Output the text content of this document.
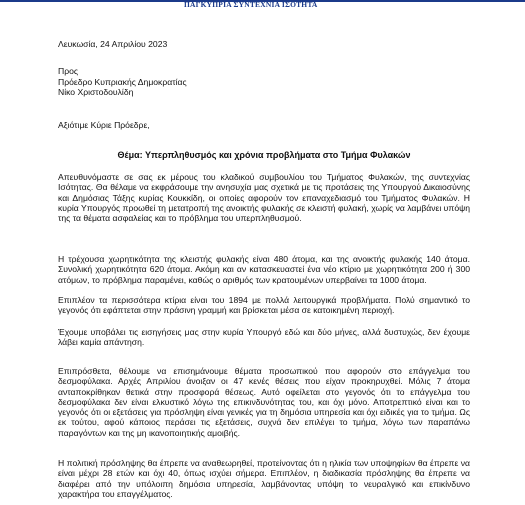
ΠΑΓΚΥΠΡΙΑ ΣΥΝΤΕΧΝΙΑ ΙΣΟΤΗΤΑ
Λευκωσία, 24 Απριλίου 2023
Προς
Πρόεδρο Κυπριακής Δημοκρατίας
Νίκο Χριστοδουλίδη
Αξιότιμε Κύριε Πρόεδρε,
Θέμα: Υπερπληθυσμός και χρόνια προβλήματα στο Τμήμα Φυλακών
Απευθυνόμαστε σε σας εκ μέρους του κλαδικού συμβουλίου του Τμήματος Φυλακών, της συντεχνίας Ισότητας. Θα θέλαμε να εκφράσουμε την ανησυχία μας σχετικά με τις προτάσεις της Υπουργού Δικαιοσύνης και Δημόσιας Τάξης κυρίας Κουκκίδη, οι οποίες αφορούν τον επαναχεδιασμό του Τμήματος Φυλακών. Η κυρία Υπουργός προωθεί τη μετατροπή της ανοικτής φυλακής σε κλειστή φυλακή, χωρίς να λαμβάνει υπόψη της τα θέματα ασφαλείας και το πρόβλημα του υπερπληθυσμού.
Η τρέχουσα χωρητικότητα της κλειστής φυλακής είναι 480 άτομα, και της ανοικτής φυλακής 140 άτομα. Συνολική χωρητικότητα 620 άτομα. Ακόμη και αν κατασκευαστεί ένα νέο κτίριο με χωρητικότητα 200 ή 300 ατόμων, το πρόβλημα παραμένει, καθώς ο αριθμός των κρατουμένων υπερβαίνει τα 1000 άτομα.
Επιπλέον τα περισσότερα κτίρια είναι του 1894 με πολλά λειτουργικά προβλήματα. Πολύ σημαντικό το γεγονός ότι εφάπτεται στην πράσινη γραμμή και βρίσκεται μέσα σε κατοικημένη περιοχή.
Έχουμε υποβάλει τις εισηγήσεις μας στην κυρία Υπουργό εδώ και δύο μήνες, αλλά δυστυχώς, δεν έχουμε λάβει καμία απάντηση.
Επιπρόσθετα, θέλουμε να επισημάνουμε θέματα προσωπικού που αφορούν στο επάγγελμα του δεσμοφύλακα. Αρχές Απριλίου άνοιξαν οι 47 κενές θέσεις που είχαν προκηρυχθεί. Μόλις 7 άτομα ανταποκρίθηκαν θετικά στην προσφορά θέσεως. Αυτό οφείλεται στο γεγονός ότι το επάγγελμα του δεσμοφύλακα δεν είναι ελκυστικό λόγω της επικινδυνότητας του, και όχι μόνο. Αποτρεπτικό είναι και το γεγονός ότι οι εξετάσεις για πρόσληψη είναι γενικές για τη δημόσια υπηρεσία και όχι ειδικές για το τμήμα. Ως εκ τούτου, αφού κάποιος περάσει τις εξετάσεις, συχνά δεν επιλέγει το τμήμα, λόγω των παραπάνω παραγόντων και της μη ικανοποιητικής αμοιβής.
Η πολιτική πρόσληψης θα έπρεπε να αναθεωρηθεί, προτείνοντας ότι η ηλικία των υποψηφίων θα έπρεπε να είναι μέχρι 28 ετών και όχι 40, όπως ισχύει σήμερα. Επιπλέον, η διαδικασία πρόσληψης θα έπρεπε να διαφέρει από την υπόλοιπη δημόσια υπηρεσία, λαμβάνοντας υπόψη το νευραλγικό και επικίνδυνο χαρακτήρα του επαγγέλματος.
